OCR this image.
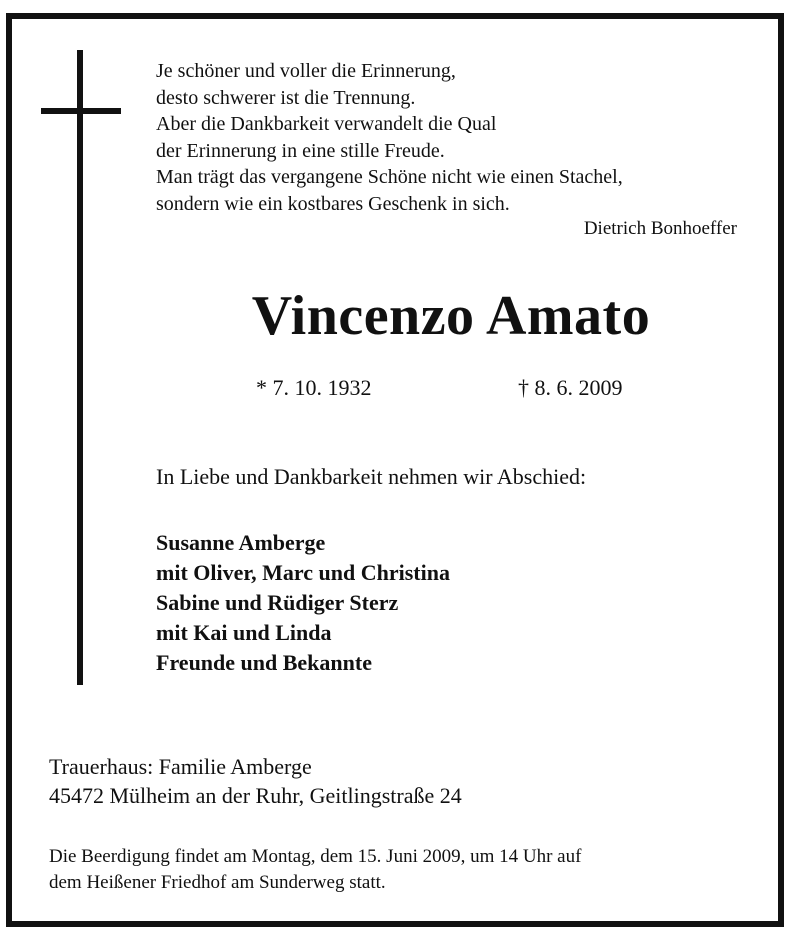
Je schöner und voller die Erinnerung,
desto schwerer ist die Trennung.
Aber die Dankbarkeit verwandelt die Qual
der Erinnerung in eine stille Freude.
Man trägt das vergangene Schöne nicht wie einen Stachel,
sondern wie ein kostbares Geschenk in sich.
Dietrich Bonhoeffer
Vincenzo Amato
* 7. 10. 1932	† 8. 6. 2009
In Liebe und Dankbarkeit nehmen wir Abschied:
Susanne Amberge
mit Oliver, Marc und Christina
Sabine und Rüdiger Sterz
mit Kai und Linda
Freunde und Bekannte
Trauerhaus: Familie Amberge
45472 Mülheim an der Ruhr, Geitlingstraße 24
Die Beerdigung findet am Montag, dem 15. Juni 2009, um 14 Uhr auf
dem Heißener Friedhof am Sunderweg statt.
